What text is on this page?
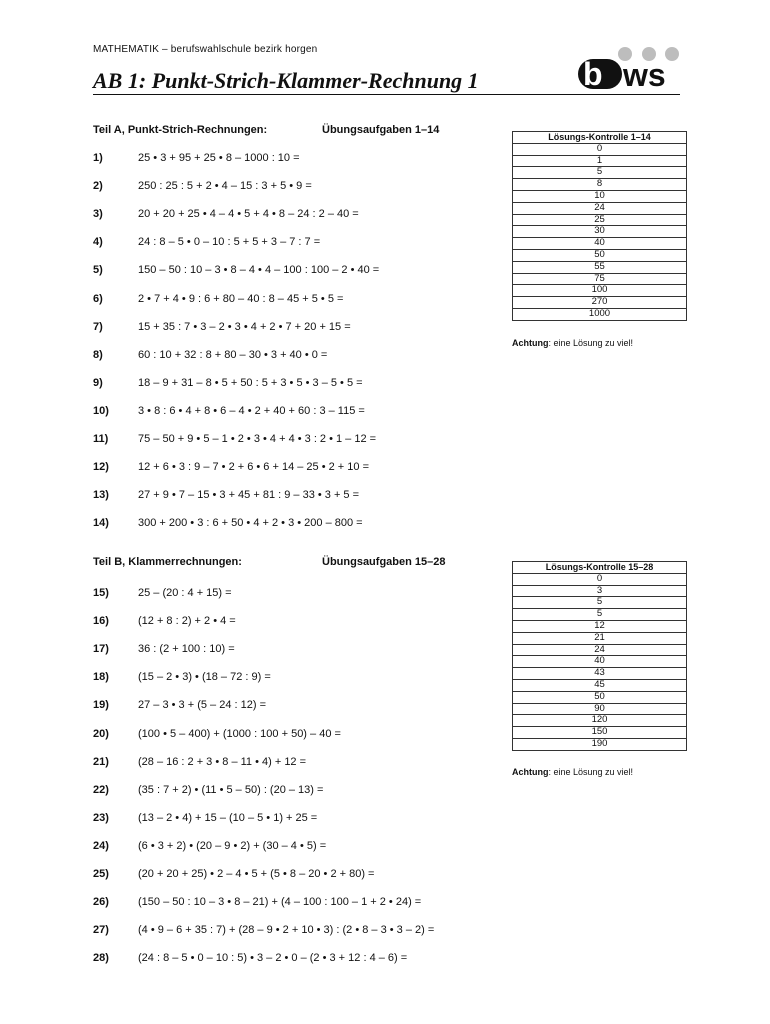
MATHEMATIK – berufswahlschule bezirk horgen
AB 1: Punkt-Strich-Klammer-Rechnung 1	b ws
Teil A, Punkt-Strich-Rechnungen:	Übungsaufgaben 1–14
1)	25 • 3 + 95 + 25 • 8 – 1000 : 10 =
2)	250 : 25 : 5 + 2 • 4 – 15 : 3 + 5 • 9 =
3)	20 + 20 + 25 • 4 – 4 • 5 + 4 • 8 – 24 : 2 – 40 =
4)	24 : 8 – 5 • 0 – 10 : 5 + 5 + 3 – 7 : 7 =
5)	150 – 50 : 10 – 3 • 8 – 4 • 4 – 100 : 100 – 2 • 40 =
6)	2 • 7 + 4 • 9 : 6 + 80 – 40 : 8 – 45 + 5 • 5 =
7)	15 + 35 : 7 • 3 – 2 • 3 • 4 + 2 • 7 + 20 + 15 =
8)	60 : 10 + 32 : 8 + 80 – 30 • 3 + 40 • 0 =
9)	18 – 9 + 31 – 8 • 5 + 50 : 5 + 3 • 5 • 3 – 5 • 5 =
10)	3 • 8 : 6 • 4 + 8 • 6 – 4 • 2 + 40 + 60 : 3 – 115 =
11)	75 – 50 + 9 • 5 – 1 • 2 • 3 • 4 + 4 • 3 : 2 • 1 – 12 =
12)	12 + 6 • 3 : 9 – 7 • 2 + 6 • 6 + 14 – 25 • 2 + 10 =
13)	27 + 9 • 7 – 15 • 3 + 45 + 81 : 9 – 33 • 3 + 5 =
14)	300 + 200 • 3 : 6 + 50 • 4 + 2 • 3 • 200 – 800 =
Lösungs-Kontrolle 1–14
0
1
5
8
10
24
25
30
40
50
55
75
100
270
1000
Achtung: eine Lösung zu viel!
Teil B, Klammerrechnungen:	Übungsaufgaben 15–28
15)	25 – (20 : 4 + 15) =
16)	(12 + 8 : 2) + 2 • 4 =
17)	36 : (2 + 100 : 10) =
18)	(15 – 2 • 3) • (18 – 72 : 9) =
19)	27 – 3 • 3 + (5 – 24 : 12) =
20)	(100 • 5 – 400) + (1000 : 100 + 50) – 40 =
21)	(28 – 16 : 2 + 3 • 8 – 11 • 4) + 12 =
22)	(35 : 7 + 2) • (11 • 5 – 50) : (20 – 13) =
23)	(13 – 2 • 4) + 15 – (10 – 5 • 1) + 25 =
24)	(6 • 3 + 2) • (20 – 9 • 2) + (30 – 4 • 5) =
25)	(20 + 20 + 25) • 2 – 4 • 5 + (5 • 8 – 20 • 2 + 80) =
26)	(150 – 50 : 10 – 3 • 8 – 21) + (4 – 100 : 100 – 1 + 2 • 24) =
27)	(4 • 9 – 6 + 35 : 7) + (28 – 9 • 2 + 10 • 3) : (2 • 8 – 3 • 3 – 2) =
28)	(24 : 8 – 5 • 0 – 10 : 5) • 3 – 2 • 0 – (2 • 3 + 12 : 4 – 6) =
Lösungs-Kontrolle 15–28
0
3
5
5
12
21
24
40
43
45
50
90
120
150
190
Achtung: eine Lösung zu viel!
